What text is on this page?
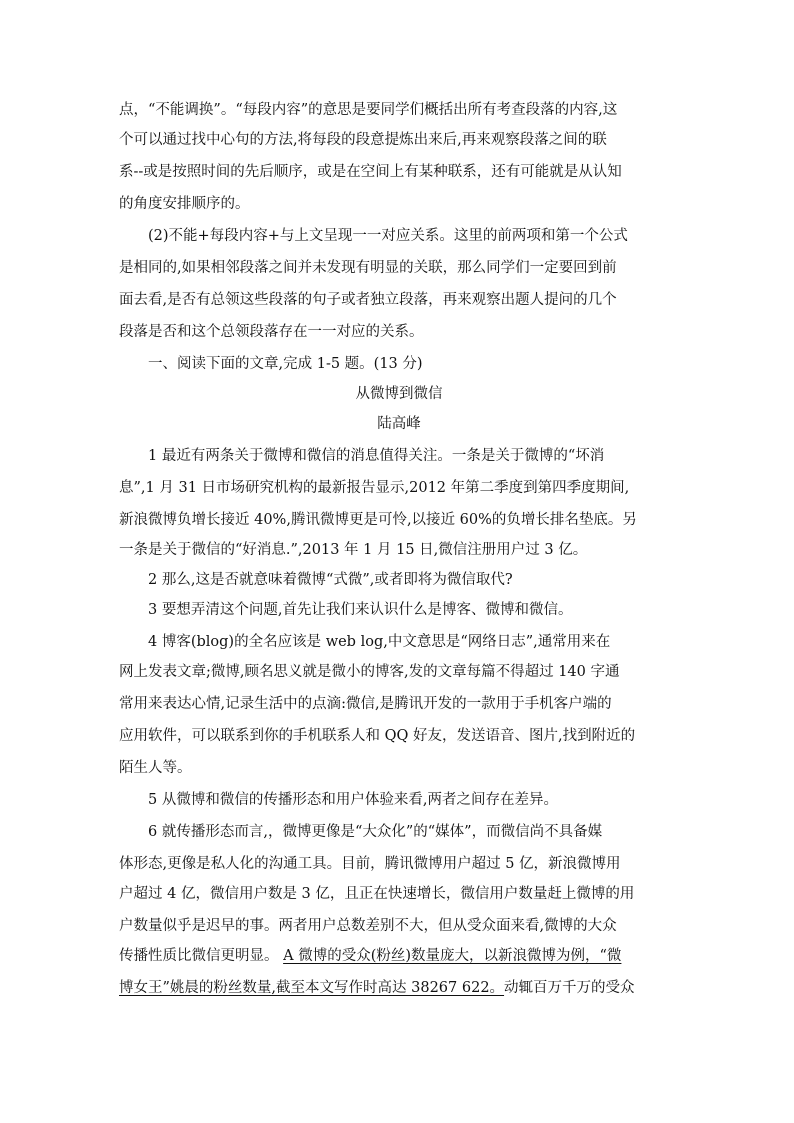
点，“不能调换”。“每段内容”的意思是要同学们概括出所有考查段落的内容,这
个可以通过找中心句的方法,将每段的段意提炼出来后,再来观察段落之间的联
系--或是按照时间的先后顺序，或是在空间上有某种联系，还有可能就是从认知
的角度安排顺序的。
(2)不能+每段内容+与上文呈现一一对应关系。这里的前两项和第一个公式
是相同的,如果相邻段落之间并未发现有明显的关联，那么同学们一定要回到前
面去看,是否有总领这些段落的句子或者独立段落，再来观察出题人提问的几个
段落是否和这个总领段落存在一一对应的关系。
一、阅读下面的文章,完成 1-5 题。(13 分)
从微博到微信
陆高峰
1 最近有两条关于微博和微信的消息值得关注。一条是关于微博的“坏消
息”,1 月 31 日市场研究机构的最新报告显示,2012 年第二季度到第四季度期间,
新浪微博负增长接近 40%,腾讯微博更是可怜,以接近 60%的负增长排名垫底。另
一条是关于微信的“好消息.”,2013 年 1 月 15 日,微信注册用户过 3 亿。
2 那么,这是否就意味着微博“式微”,或者即将为微信取代?
3 要想弄清这个问题,首先让我们来认识什么是博客、微博和微信。
4 博客(blog)的全名应该是 web log,中文意思是“网络日志”,通常用来在
网上发表文章;微博,顾名思义就是微小的博客,发的文章每篇不得超过 140 字通
常用来表达心情,记录生活中的点滴:微信,是腾讯开发的一款用于手机客户端的
应用软件，可以联系到你的手机联系人和 QQ 好友，发送语音、图片,找到附近的
陌生人等。
5 从微博和微信的传播形态和用户体验来看,两者之间存在差异。
6 就传播形态而言,，微博更像是“大众化”的“媒体”，而微信尚不具备媒
体形态,更像是私人化的沟通工具。目前，腾讯微博用户超过 5 亿，新浪微博用
户超过 4 亿，微信用户数是 3 亿，且正在快速增长，微信用户数量赶上微博的用
户数量似乎是迟早的事。两者用户总数差别不大，但从受众面来看,微博的大众
传播性质比微信更明显。 A 微博的受众(粉丝)数量庞大，以新浪微博为例，“微
博女王”姚晨的粉丝数量,截至本文写作时高达 38267 622。动辄百万千万的受众
